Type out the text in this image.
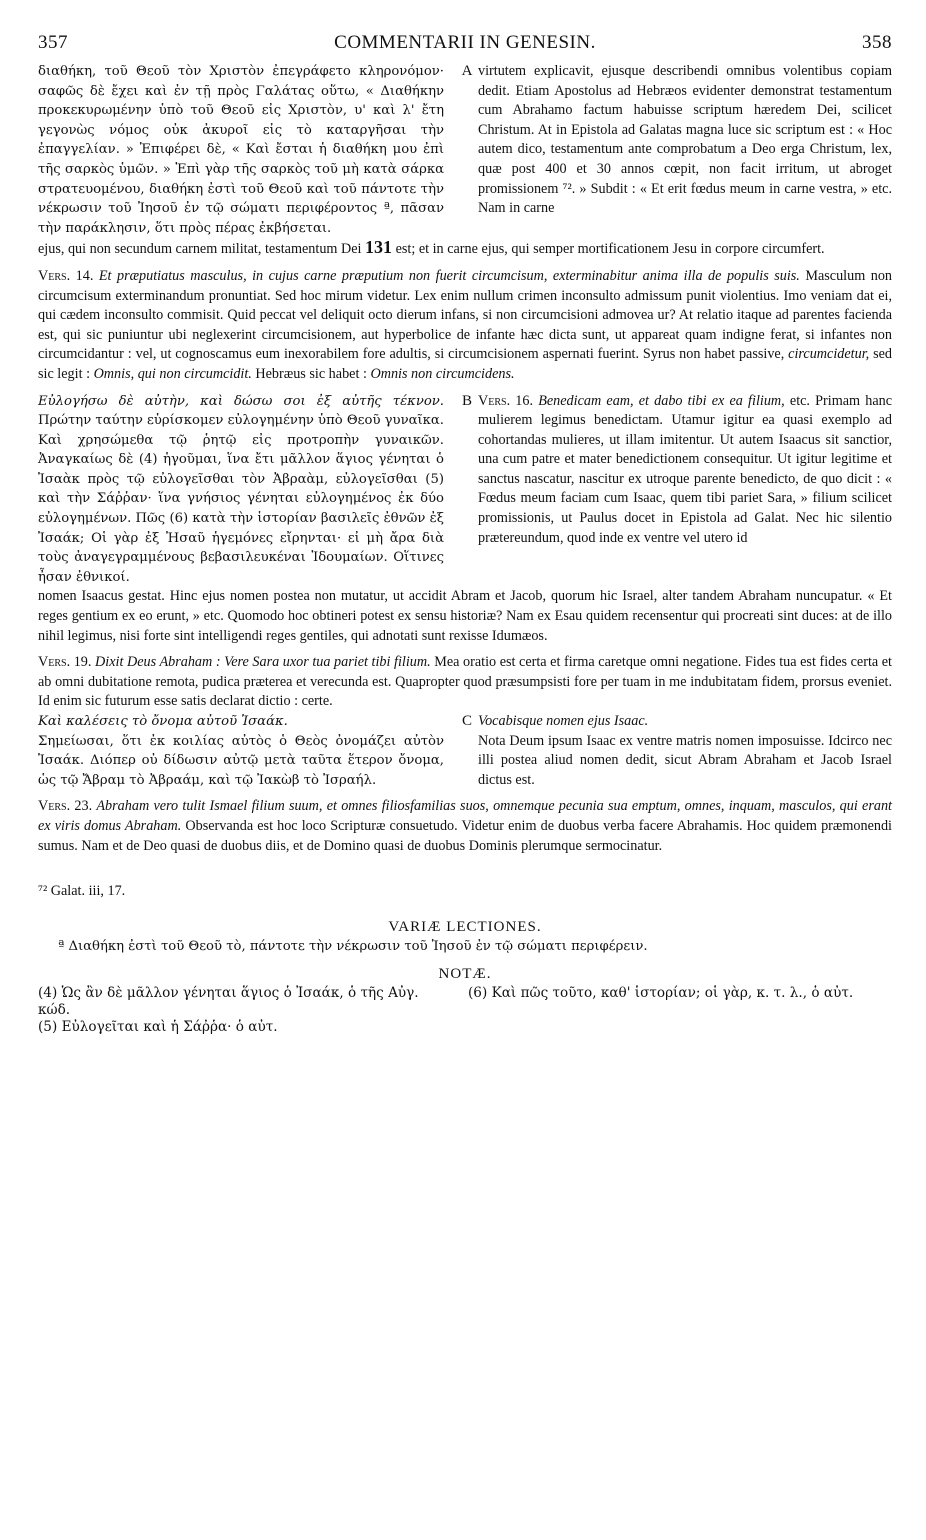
357	COMMENTARII IN GENESIN.	358

διαθήκη, τοῦ Θεοῦ τὸν Χριστὸν ἐπεγράφετο κληρονόμον· σαφῶς δὲ ἔχει καὶ ἐν τῇ πρὸς Γαλάτας οὕτω, « Διαθήκην προκεκυρωμένην ὑπὸ τοῦ Θεοῦ εἰς Χριστὸν, υ' καὶ λ' ἔτη γεγονὼς νόμος οὐκ ἀκυροῖ εἰς τὸ καταργῆσαι τὴν ἐπαγγελίαν. » Ἐπιφέρει δὲ, « Καὶ ἔσται ἡ διαθήκη μου ἐπὶ τῆς σαρκὸς ὑμῶν. » Ἐπὶ γὰρ τῆς σαρκὸς τοῦ μὴ κατὰ σάρκα στρατευομένου, διαθήκη ἐστὶ τοῦ Θεοῦ καὶ τοῦ πάντοτε τὴν νέκρωσιν τοῦ Ἰησοῦ ἐν τῷ σώματι περιφέροντος ª, πᾶσαν τὴν παράκλησιν, ὅτι πρὸς πέρας ἐκβήσεται.

A virtutem explicavit, ejusque describendi omnibus volentibus copiam dedit. Etiam Apostolus ad Hebræos evidenter demonstrat testamentum cum Abrahamo factum habuisse scriptum hæredem Dei, scilicet Christum. At in Epistola ad Galatas magna luce sic scriptum est : « Hoc autem dico, testamentum ante comprobatum a Deo erga Christum, lex, quæ post 400 et 30 annos cœpit, non facit irritum, ut abroget promissionem ⁷². » Subdit : « Et erit fœdus meum in carne vestra, » etc. Nam in carne

ejus, qui non secundum carnem militat, testamentum Dei 131 est; et in carne ejus, qui semper mortificationem Jesu in corpore circumfert.

Vers. 14. Et præputiatus masculus, in cujus carne præputium non fuerit circumcisum, exterminabitur anima illa de populis suis. Masculum non circumcisum exterminandum pronuntiat. Sed hoc mirum videtur. Lex enim nullum crimen inconsulto admissum punit violentius. Imo veniam dat ei, qui cædem inconsulto commisit. Quid peccat vel deliquit octo dierum infans, si non circumcisioni admovea ur? At relatio itaque ad parentes facienda est, qui sic puniuntur ubi neglexerint circumcisionem, aut hyperbolice de infante hæc dicta sunt, ut appareat quam indigne ferat, si infantes non circumcidantur : vel, ut cognoscamus eum inexorabilem fore adultis, si circumcisionem aspernati fuerint. Syrus non habet passive, circumcidetur, sed sic legit : Omnis, qui non circumcidit. Hebræus sic habet : Omnis non circumcidens.

Εὐλογήσω δὲ αὐτὴν, καὶ δώσω σοι ἐξ αὐτῆς τέκνον. Πρώτην ταύτην εὑρίσκομεν εὐλογημένην ὑπὸ Θεοῦ γυναῖκα. Καὶ χρησώμεθα τῷ ῥητῷ εἰς προτροπὴν γυναικῶν. Ἀναγκαίως δὲ (4) ἡγοῦμαι, ἵνα ἔτι μᾶλλον ἅγιος γένηται ὁ Ἰσαὰκ πρὸς τῷ εὐλογεῖσθαι τὸν Ἀβραὰμ, εὐλογεῖσθαι (5) καὶ τὴν Σάῤῥαν· ἵνα γνήσιος γένηται εὐλογημένος ἐκ δύο εὐλογημένων. Πῶς (6) κατὰ τὴν ἱστορίαν βασιλεῖς ἐθνῶν ἐξ Ἰσαάκ; Οἱ γὰρ ἐξ Ἠσαῦ ἡγεμόνες εἴρηνται· εἰ μὴ ἄρα διὰ τοὺς ἀναγεγραμμένους βεβασιλευκέναι Ἰδουμαίων. Οἵτινες ἦσαν ἐθνικοί.

B Vers. 16. Benedicam eam, et dabo tibi ex ea filium, etc. Primam hanc mulierem legimus benedictam. Utamur igitur ea quasi exemplo ad cohortandas mulieres, ut illam imitentur. Ut autem Isaacus sit sanctior, una cum patre et mater benedictionem consequitur. Ut igitur legitime et sanctus nascatur, nascitur ex utroque parente benedicto, de quo dicit : « Fœdus meum faciam cum Isaac, quem tibi pariet Sara, » filium scilicet promissionis, ut Paulus docet in Epistola ad Galat. Nec hic silentio prætereundum, quod inde ex ventre vel utero id

nomen Isaacus gestat. Hinc ejus nomen postea non mutatur, ut accidit Abram et Jacob, quorum hic Israel, alter tandem Abraham nuncupatur. « Et reges gentium ex eo erunt, » etc. Quomodo hoc obtineri potest ex sensu historiæ? Nam ex Esau quidem recensentur qui procreati sint duces: at de illo nihil legimus, nisi forte sint intelligendi reges gentiles, qui adnotati sunt rexisse Idumæos.

Vers. 19. Dixit Deus Abraham : Vere Sara uxor tua pariet tibi filium. Mea oratio est certa et firma caretque omni negatione. Fides tua est fides certa et ab omni dubitatione remota, pudica præterea et verecunda est. Quapropter quod præsumpsisti fore per tuam in me indubitatam fidem, prorsus eveniet. Id enim sic futurum esse satis declarat dictio : certe.

Καὶ καλέσεις τὸ ὄνομα αὐτοῦ Ἰσαάκ.

Σημείωσαι, ὅτι ἐκ κοιλίας αὐτὸς ὁ Θεὸς ὀνομάζει αὐτὸν Ἰσαάκ. Διόπερ οὐ δίδωσιν αὐτῷ μετὰ ταῦτα ἕτερον ὄνομα, ὡς τῷ Ἄβραμ τὸ Ἀβραάμ, καὶ τῷ Ἰακὼβ τὸ Ἰσραήλ.

C Vocabisque nomen ejus Isaac.

Nota Deum ipsum Isaac ex ventre matris nomen imposuisse. Idcirco nec illi postea aliud nomen dedit, sicut Abram Abraham et Jacob Israel dictus est.

Vers. 23. Abraham vero tulit Ismael filium suum, et omnes filiosfamilias suos, omnemque pecunia sua emptum, omnes, inquam, masculos, qui erant ex viris domus Abraham. Observanda est hoc loco Scripturæ consuetudo. Videtur enim de duobus verba facere Abrahamis. Hoc quidem præmonendi sumus. Nam et de Deo quasi de duobus diis, et de Domino quasi de duobus Dominis plerumque sermocinatur.

⁷² Galat. iii, 17.

VARIÆ LECTIONES.

ª Διαθήκη ἐστὶ τοῦ Θεοῦ τὸ, πάντοτε τὴν νέκρωσιν τοῦ Ἰησοῦ ἐν τῷ σώματι περιφέρειν.

NOTÆ.

(4) Ὡς ἂν δὲ μᾶλλον γένηται ἅγιος ὁ Ἰσαάκ, ὁ τῆς Αὐγ. κώδ.

(5) Εὐλογεῖται καὶ ἡ Σάῤῥα· ὁ αὐτ.

(6) Καὶ πῶς τοῦτο, καθ' ἱστορίαν; οἱ γὰρ, κ. τ. λ., ὁ αὐτ.
